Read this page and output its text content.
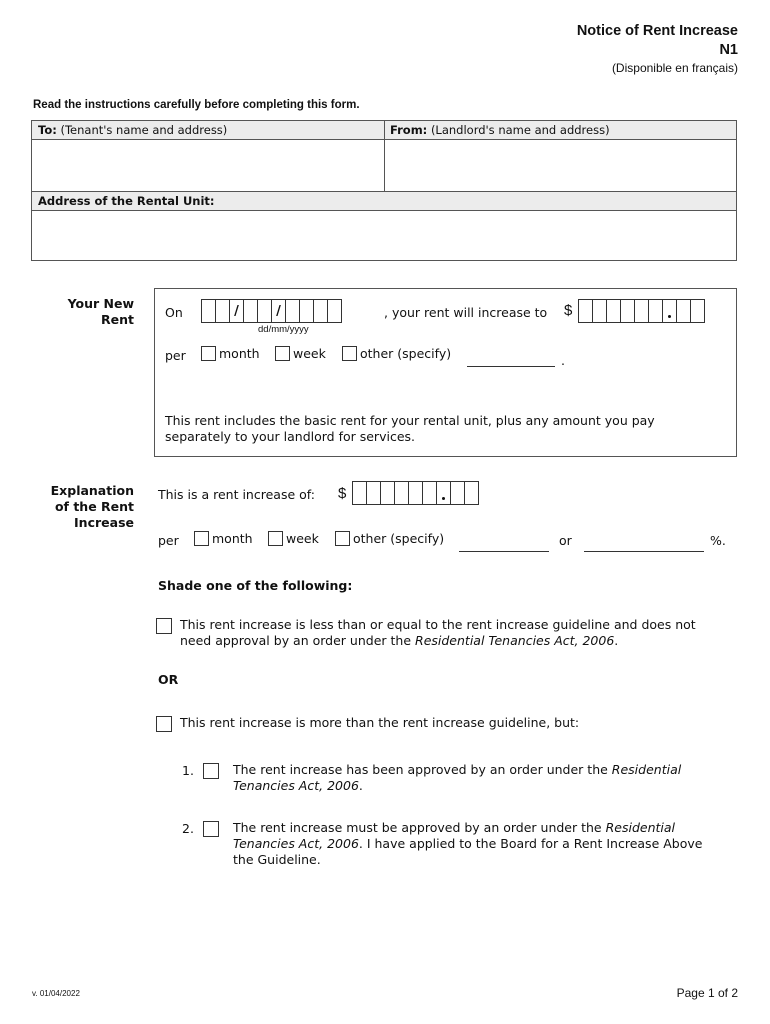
Notice of Rent Increase
N1
(Disponible en français)
Read the instructions carefully before completing this form.
To: (Tenant's name and address)	From: (Landlord's name and address)
Address of the Rental Unit:
Your New
Rent On	/	/
dd/mm/yyyy
, your rent will increase to $
per	month	week	other (specify)	.
This rent includes the basic rent for your rental unit, plus any amount you pay separately to your landlord for services.
Explanation
of the Rent
Increase
This is a rent increase of: $
per	month	week	other (specify)	or	%.
Shade one of the following:
This rent increase is less than or equal to the rent increase guideline and does not need approval by an order under the Residential Tenancies Act, 2006.
OR
This rent increase is more than the rent increase guideline, but:
1.	The rent increase has been approved by an order under the Residential Tenancies Act, 2006.
2.	The rent increase must be approved by an order under the Residential Tenancies Act, 2006. I have applied to the Board for a Rent Increase Above the Guideline.
v. 01/04/2022	Page 1 of 2
